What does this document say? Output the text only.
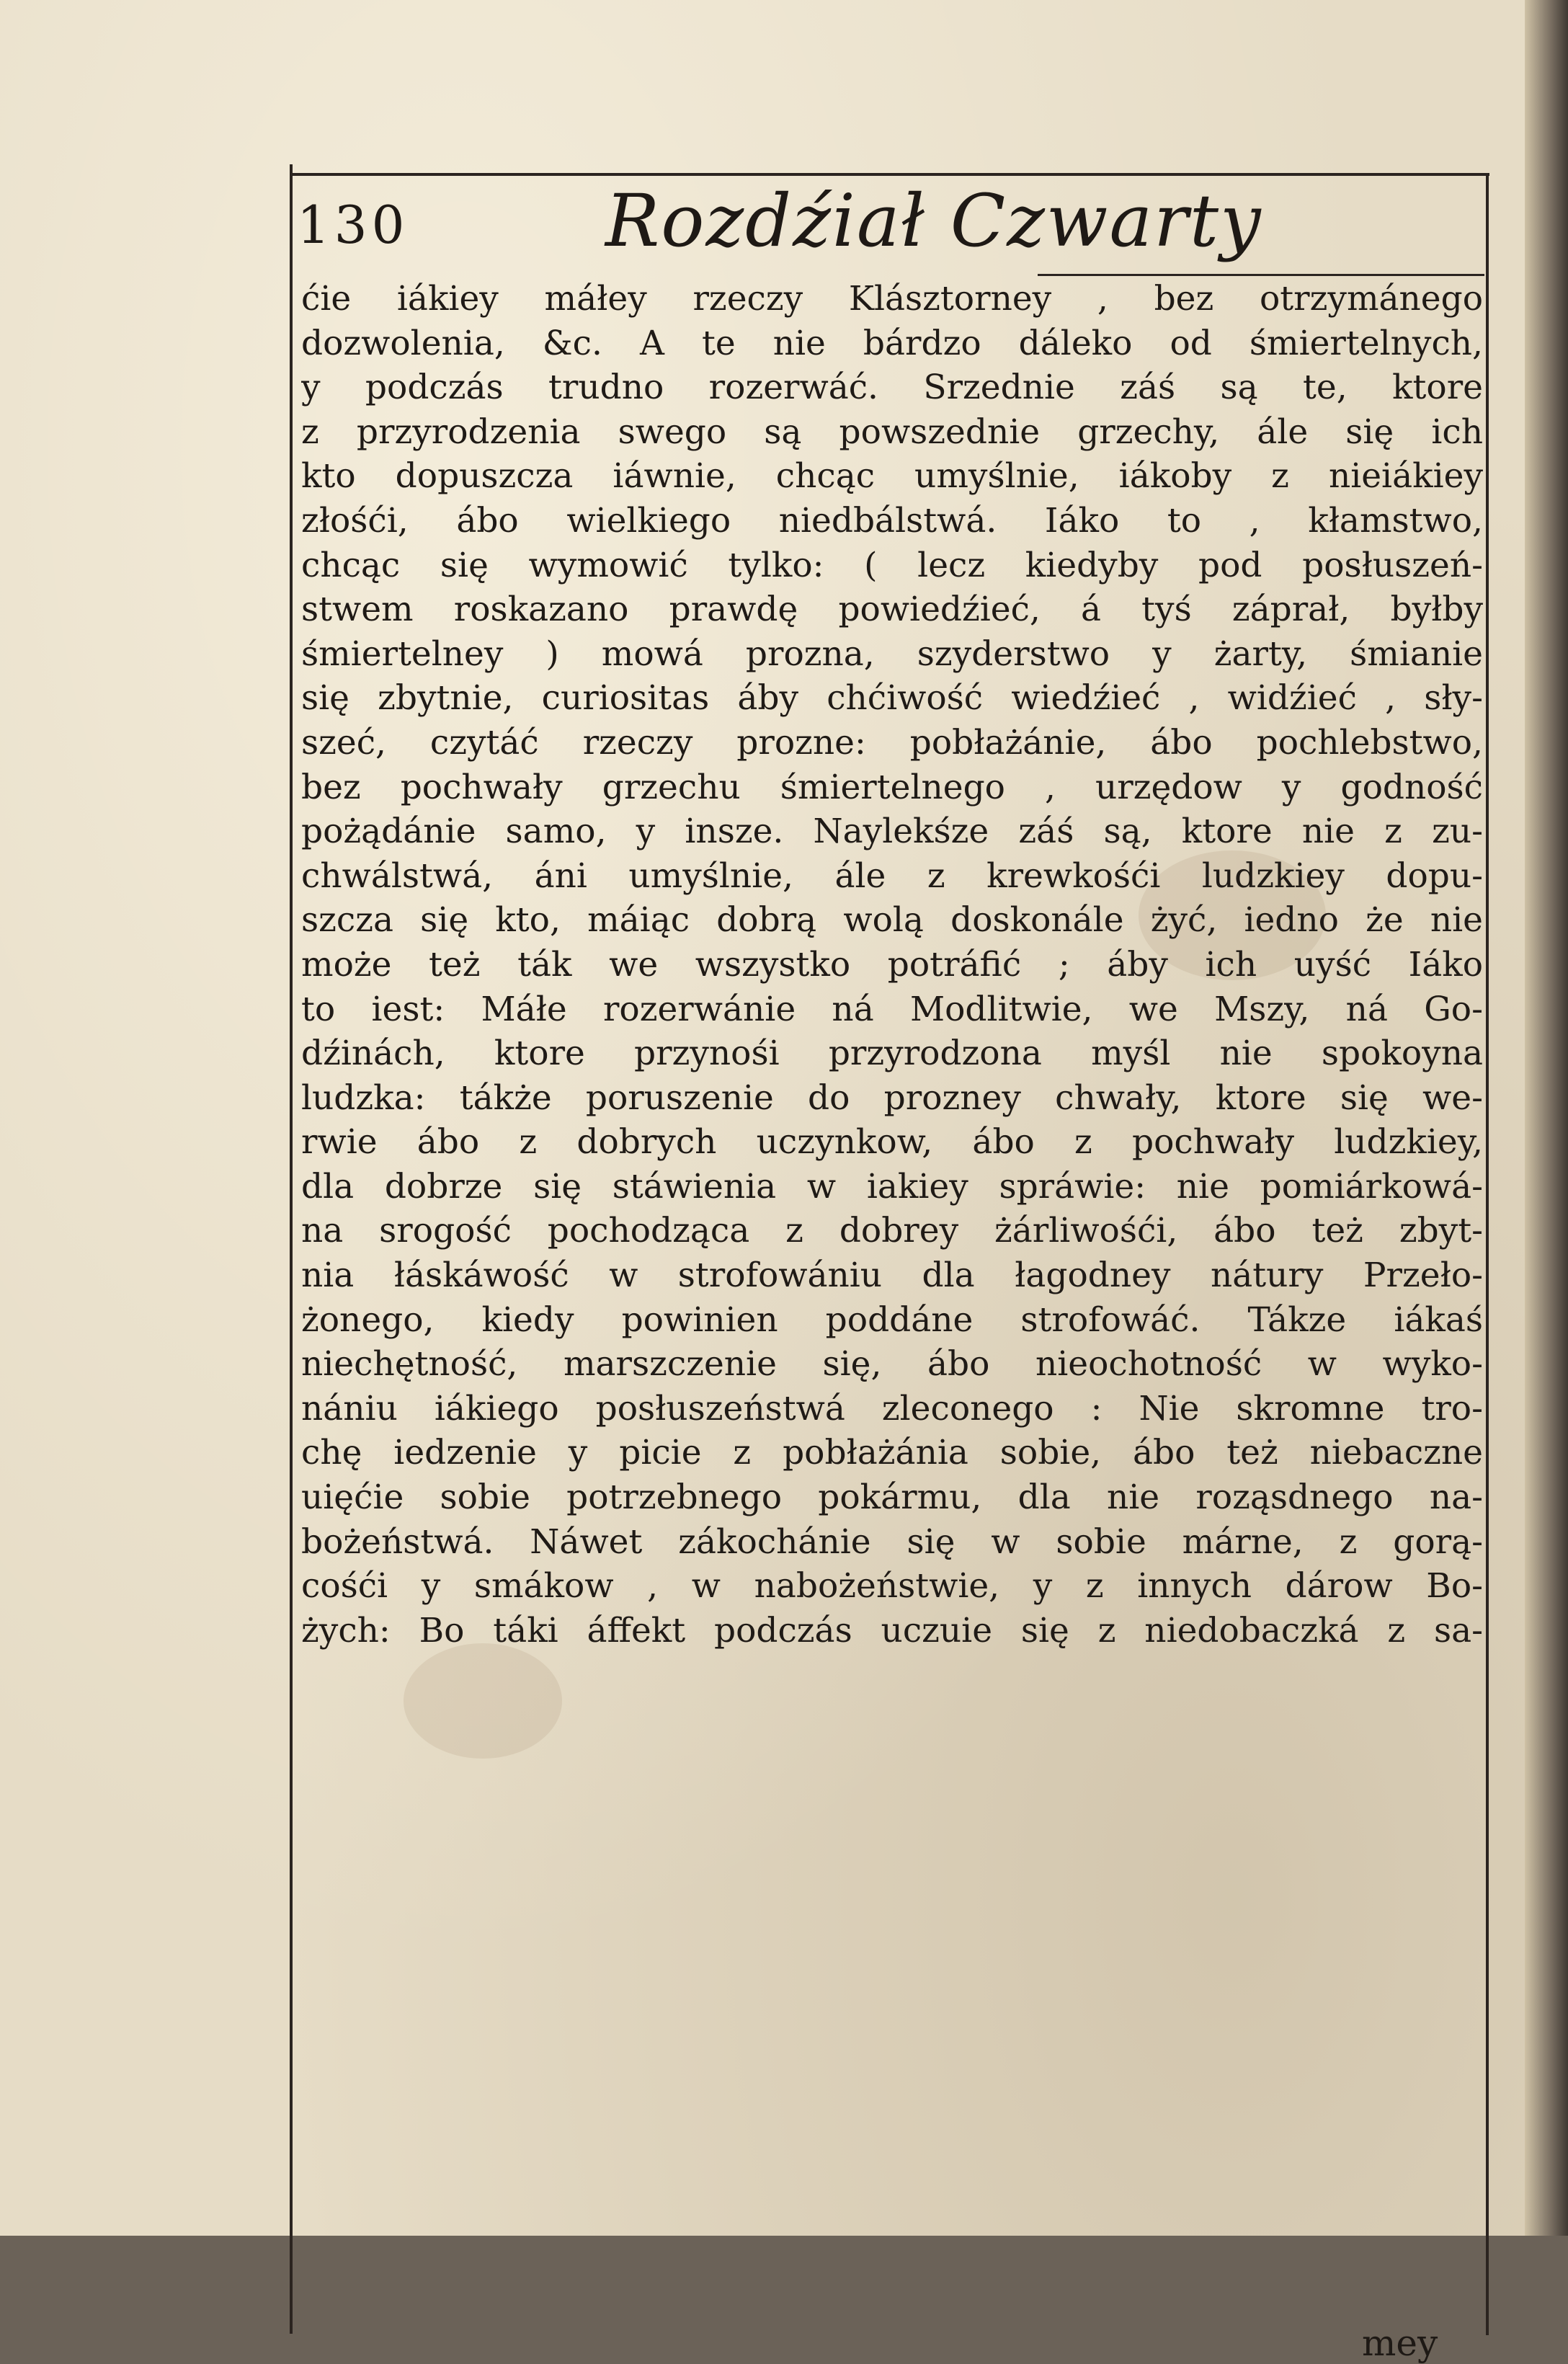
130	Rozdźiał Czwarty
ćie iákiey máłey rzeczy Klásztorney , bez otrzymánego
dozwolenia, &c. A te nie bárdzo dáleko od śmiertelnych,
y podczás trudno rozerwáć. Srzednie záś są te, ktore
z przyrodzenia swego są powszednie grzechy, ále się ich
kto dopuszcza iáwnie, chcąc umyślnie, iákoby z nieiákiey
złośći, ábo wielkiego niedbálstwá. Iáko to , kłamstwo,
chcąc się wymowić tylko: ( lecz kiedyby pod posłuszeń-
stwem roskazano prawdę powiedźieć, á tyś záprał, byłby
śmiertelney ) mowá prozna, szyderstwo y żarty, śmianie
się zbytnie, curiositas áby chćiwość wiedźieć , widźieć , sły-
szeć, czytáć rzeczy prozne: pobłażánie, ábo pochlebstwo,
bez pochwały grzechu śmiertelnego , urzędow y godność
pożądánie samo, y insze. Naylekśze záś są, ktore nie z zu-
chwálstwá, áni umyślnie, ále z krewkośći ludzkiey dopu-
szcza się kto, máiąc dobrą wolą doskonále żyć, iedno że nie
może też ták we wszystko potráfić ; áby ich uyść Iáko
to iest: Máłe rozerwánie ná Modlitwie, we Mszy, ná Go-
dźinách, ktore przynośi przyrodzona myśl nie spokoyna
ludzka: tákże poruszenie do prozney chwały, ktore się we-
rwie ábo z dobrych uczynkow, ábo z pochwały ludzkiey,
dla dobrze się stáwienia w iakiey spráwie: nie pomiárkowá-
na srogość pochodząca z dobrey żárliwośći, ábo też zbyt-
nia łáskáwość w strofowániu dla łagodney nátury Przeło-
żonego, kiedy powinien poddáne strofowáć. Tákze iákaś
niechętność, marszczenie się, ábo nieochotność w wyko-
nániu iákiego posłuszeństwá zleconego : Nie skromne tro-
chę iedzenie y picie z pobłażánia sobie, ábo też niebaczne
uięćie sobie potrzebnego pokármu, dla nie roząsdnego na-
bożeństwá. Náwet zákochánie się w sobie márne, z gorą-
cośći y smákow , w nabożeństwie, y z innych dárow Bo-
żych: Bo táki áffekt podczás uczuie się z niedobaczká z sa-
mey
